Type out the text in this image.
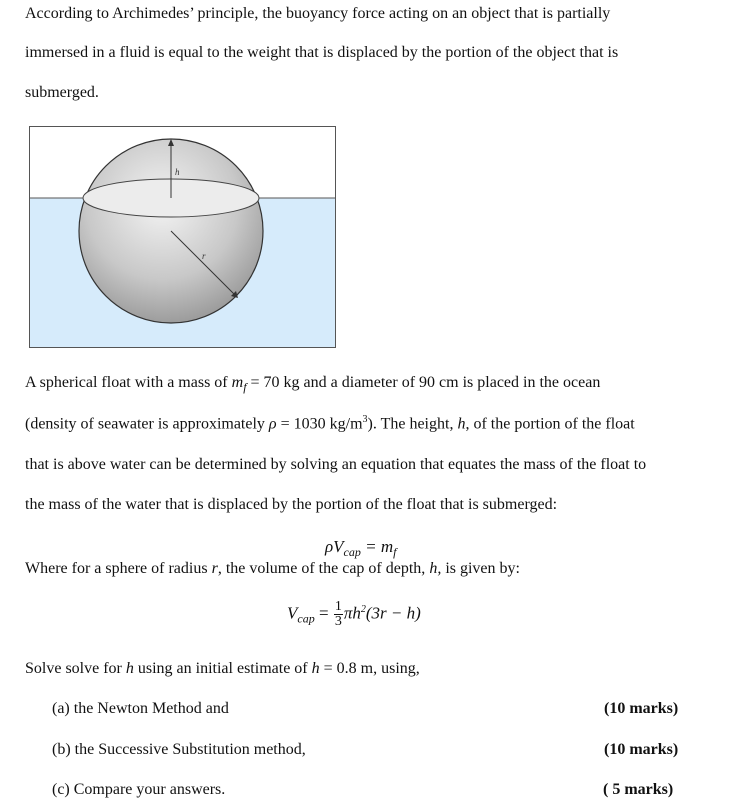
According to Archimedes’ principle, the buoyancy force acting on an object that is partially
immersed in a fluid is equal to the weight that is displaced by the portion of the object that is
submerged.
h
r
A spherical float with a mass of $m_f = 70$ kg and a diameter of 90 cm is placed in the ocean
(density of seawater is approximately ρ = 1030 $kg/m^3$). The height, h, of the portion of the float
that is above water can be determined by solving an equation that equates the mass of the float to
the mass of the water that is displaced by the portion of the float that is submerged:
$\rho V_{cap} = m_f$
Where for a sphere of radius r, the volume of the cap of depth, h, is given by:
$V_{cap} = \frac{1}{3} \pi h^2(3r - h)$
Solve solve for h using an initial estimate of h = 0.8 m, using,
(a) the Newton Method and	(10 marks)
(b) the Successive Substitution method,	(10 marks)
(c) Compare your answers.	( 5 marks)
